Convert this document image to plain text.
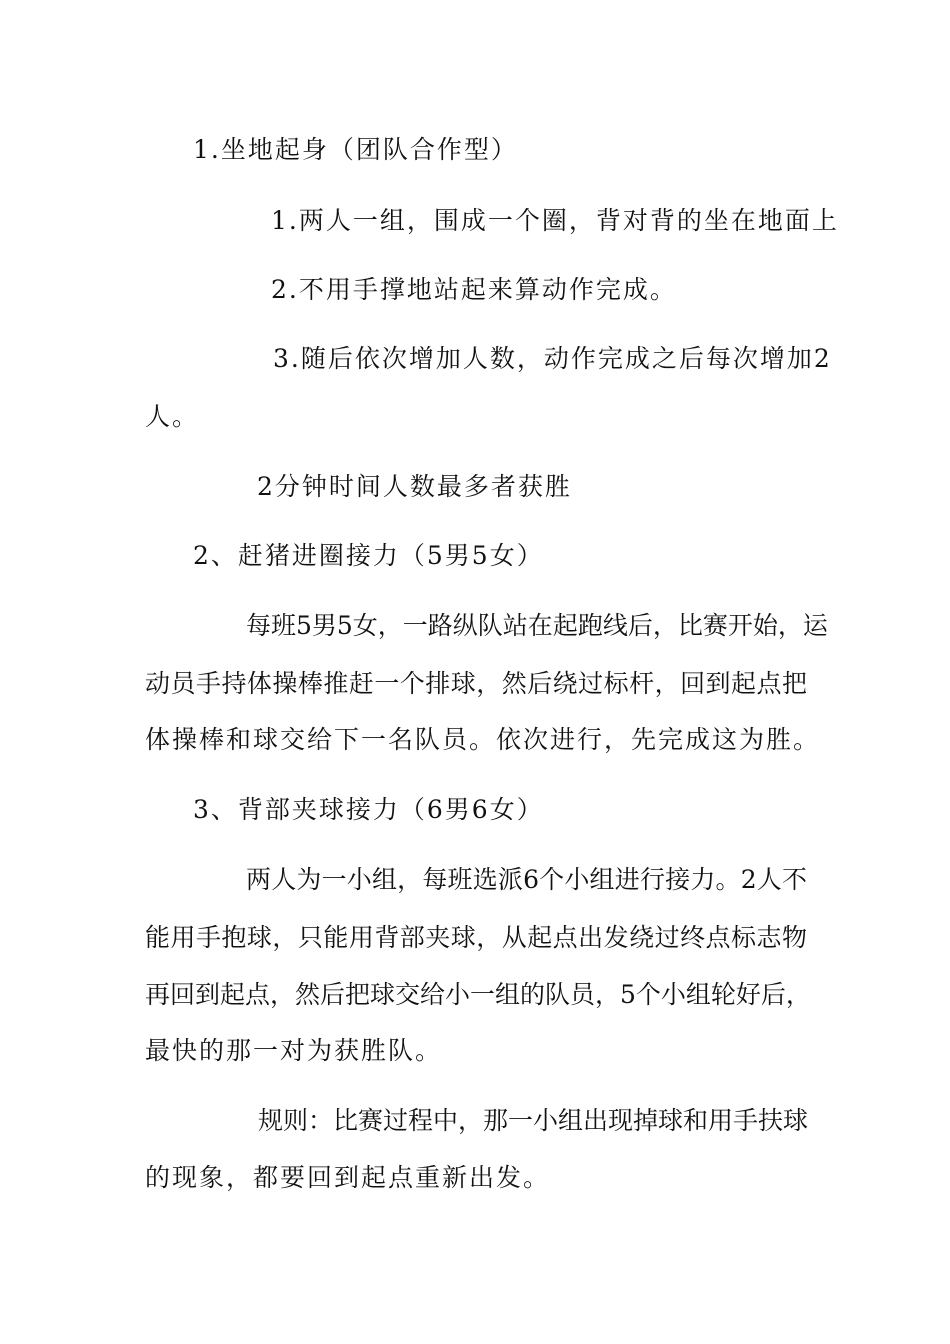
1.坐地起身（团队合作型）
1.两人一组，围成一个圈，背对背的坐在地面上
2.不用手撑地站起来算动作完成。
3.随后依次增加人数，动作完成之后每次增加2
人。
2分钟时间人数最多者获胜
2、赶猪进圈接力（5男5女）
每班5男5女，一路纵队站在起跑线后，比赛开始，运
动员手持体操棒推赶一个排球，然后绕过标杆，回到起点把
体操棒和球交给下一名队员。依次进行，先完成这为胜。
3、背部夹球接力（6男6女）
两人为一小组，每班选派6个小组进行接力。2人不
能用手抱球，只能用背部夹球，从起点出发绕过终点标志物
再回到起点，然后把球交给小一组的队员，5个小组轮好后，
最快的那一对为获胜队。
规则：比赛过程中，那一小组出现掉球和用手扶球
的现象，都要回到起点重新出发。
